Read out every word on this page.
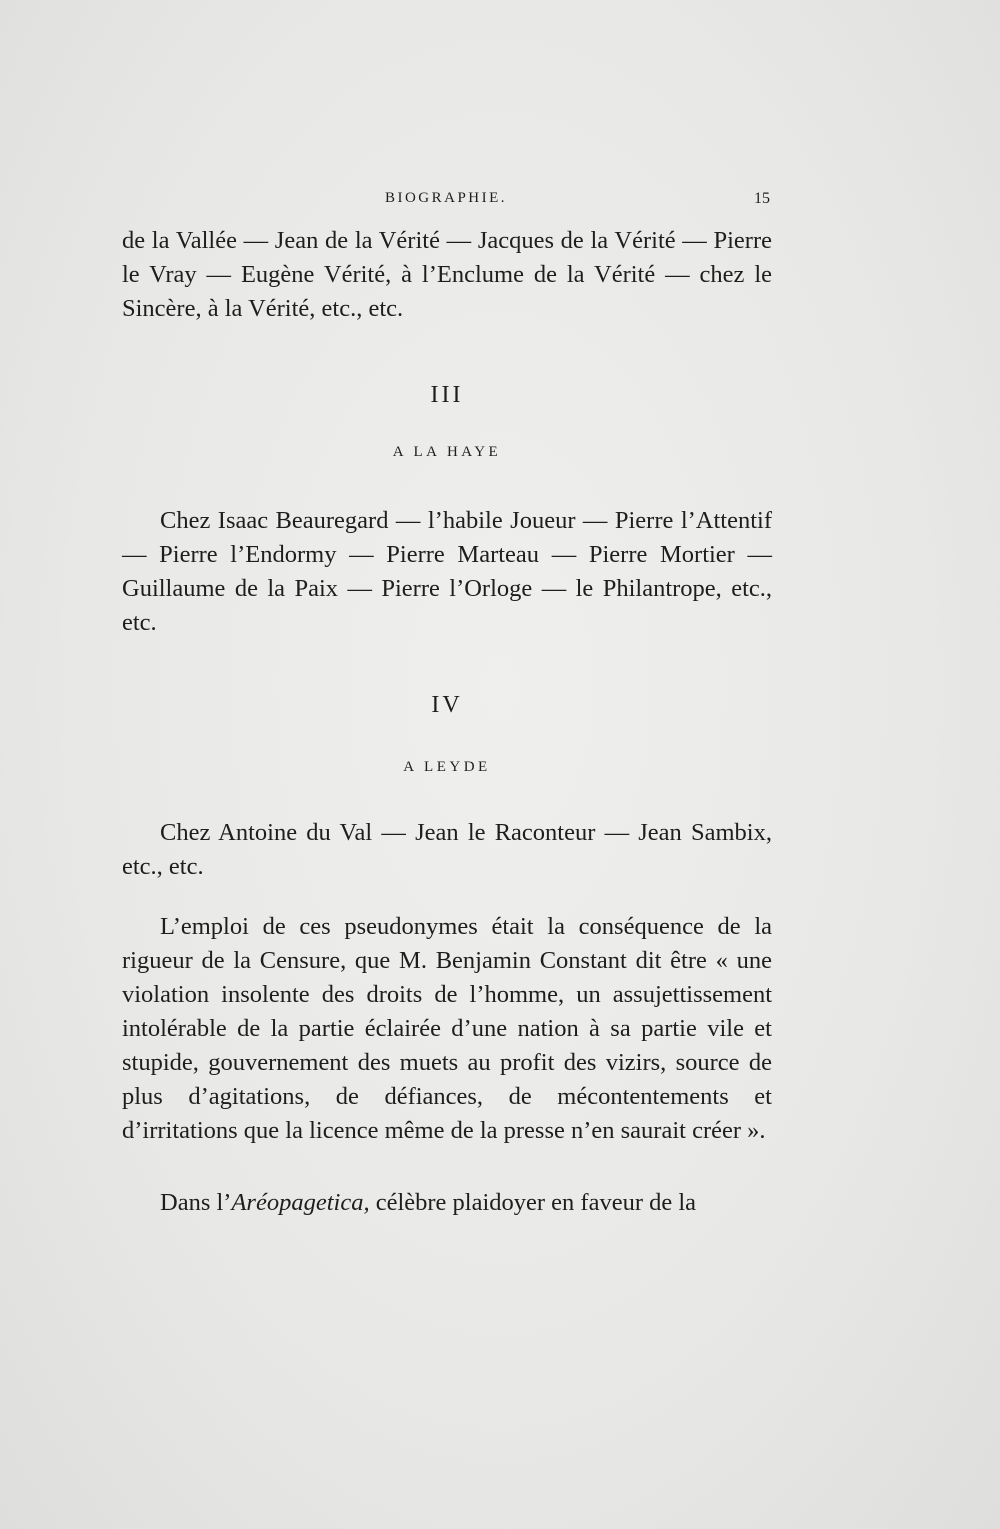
BIOGRAPHIE.	15

de la Vallée — Jean de la Vérité — Jacques de la Vérité — Pierre le Vray — Eugène Vérité, à l’Enclume de la Vérité — chez le Sincère, à la Vérité, etc., etc.

III
A LA HAYE

Chez Isaac Beauregard — l’habile Joueur — Pierre l’Attentif — Pierre l’Endormy — Pierre Marteau — Pierre Mortier — Guillaume de la Paix — Pierre l’Orloge — le Philantrope, etc., etc.

IV
A LEYDE

Chez Antoine du Val — Jean le Raconteur — Jean Sambix, etc., etc.

L’emploi de ces pseudonymes était la conséquence de la rigueur de la Censure, que M. Benjamin Constant dit être « une violation insolente des droits de l’homme, un assujettissement intolérable de la partie éclairée d’une nation à sa partie vile et stupide, gouvernement des muets au profit des vizirs, source de plus d’agitations, de défiances, de mécontentements et d’irritations que la licence même de la presse n’en saurait créer ».

Dans l’Aréopagetica, célèbre plaidoyer en faveur de la
